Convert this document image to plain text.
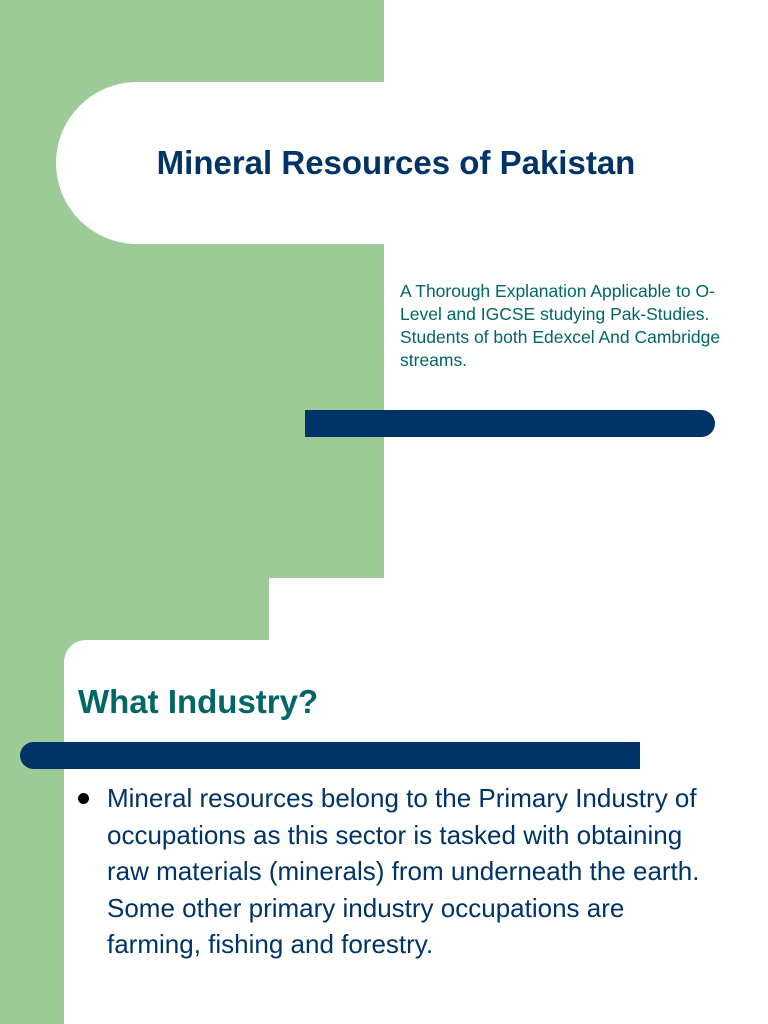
Mineral Resources of Pakistan

A Thorough Explanation Applicable to O-Level and IGCSE studying Pak-Studies. Students of both Edexcel And Cambridge streams.

What Industry?
Mineral resources belong to the Primary Industry of occupations as this sector is tasked with obtaining raw materials (minerals) from underneath the earth. Some other primary industry occupations are farming, fishing and forestry.
